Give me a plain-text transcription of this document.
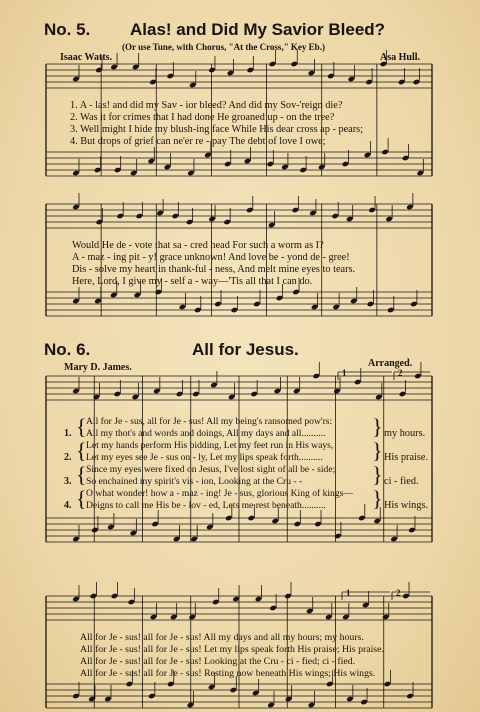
No. 5. Alas! and Did My Savior Bleed?
(Or use Tune, with Chorus, "At the Cross," Key Eb.)
Isaac Watts.	Asa Hull.
1. A - las! and did my Sav - ior bleed? And did my Sov-'reign die?
2. Was it for crimes that I had done He groaned up - on the tree?
3. Well might I hide my blush-ing face While His dear cross ap - pears;
4. But drops of grief can ne'er re - pay The debt of love I owe;
Would He de - vote that sa - cred head For such a worm as I?
A - maz - ing pit - y! grace unknown! And love be - yond de - gree!
Dis - solve my heart in thank-ful - ness, And melt mine eyes to tears.
Here, Lord, I give my - self a - way—'Tis all that I can do.
No. 6.	All for Jesus.
Mary D. James.	Arranged.
1. { All for Je - sus, all for Je - sus! All my being's ransomed pow'rs:
All my thot's and words and doings, All my days and all.......... } my hours.
2. { Let my hands perform His bidding, Let my feet run in His ways,
Let my eyes see Je - sus on - ly, Let my lips speak forth.......... } His praise.
3. { Since my eyes were fixed on Jesus, I've lost sight of all be - side;
So enchained my spirit's vis - ion, Looking at the Cru - -	} ci - fied.
4. { O what wonder! how a - maz - ing! Je - sus, glorious King of kings—
Deigns to call me His be - lov - ed, Lets me rest beneath.......... } His wings.
1	2
1	2
All for Je - sus! all for Je - sus! All my days and all my hours; my hours.
All for Je - sus! all for Je - sus! Let my lips speak forth His praise; His praise.
All for Je - sus! all for Je - sus! Looking at the Cru - ci - fied; ci - fied.
All for Je - sus! all for Je - sus! Resting now beneath His wings; His wings.
